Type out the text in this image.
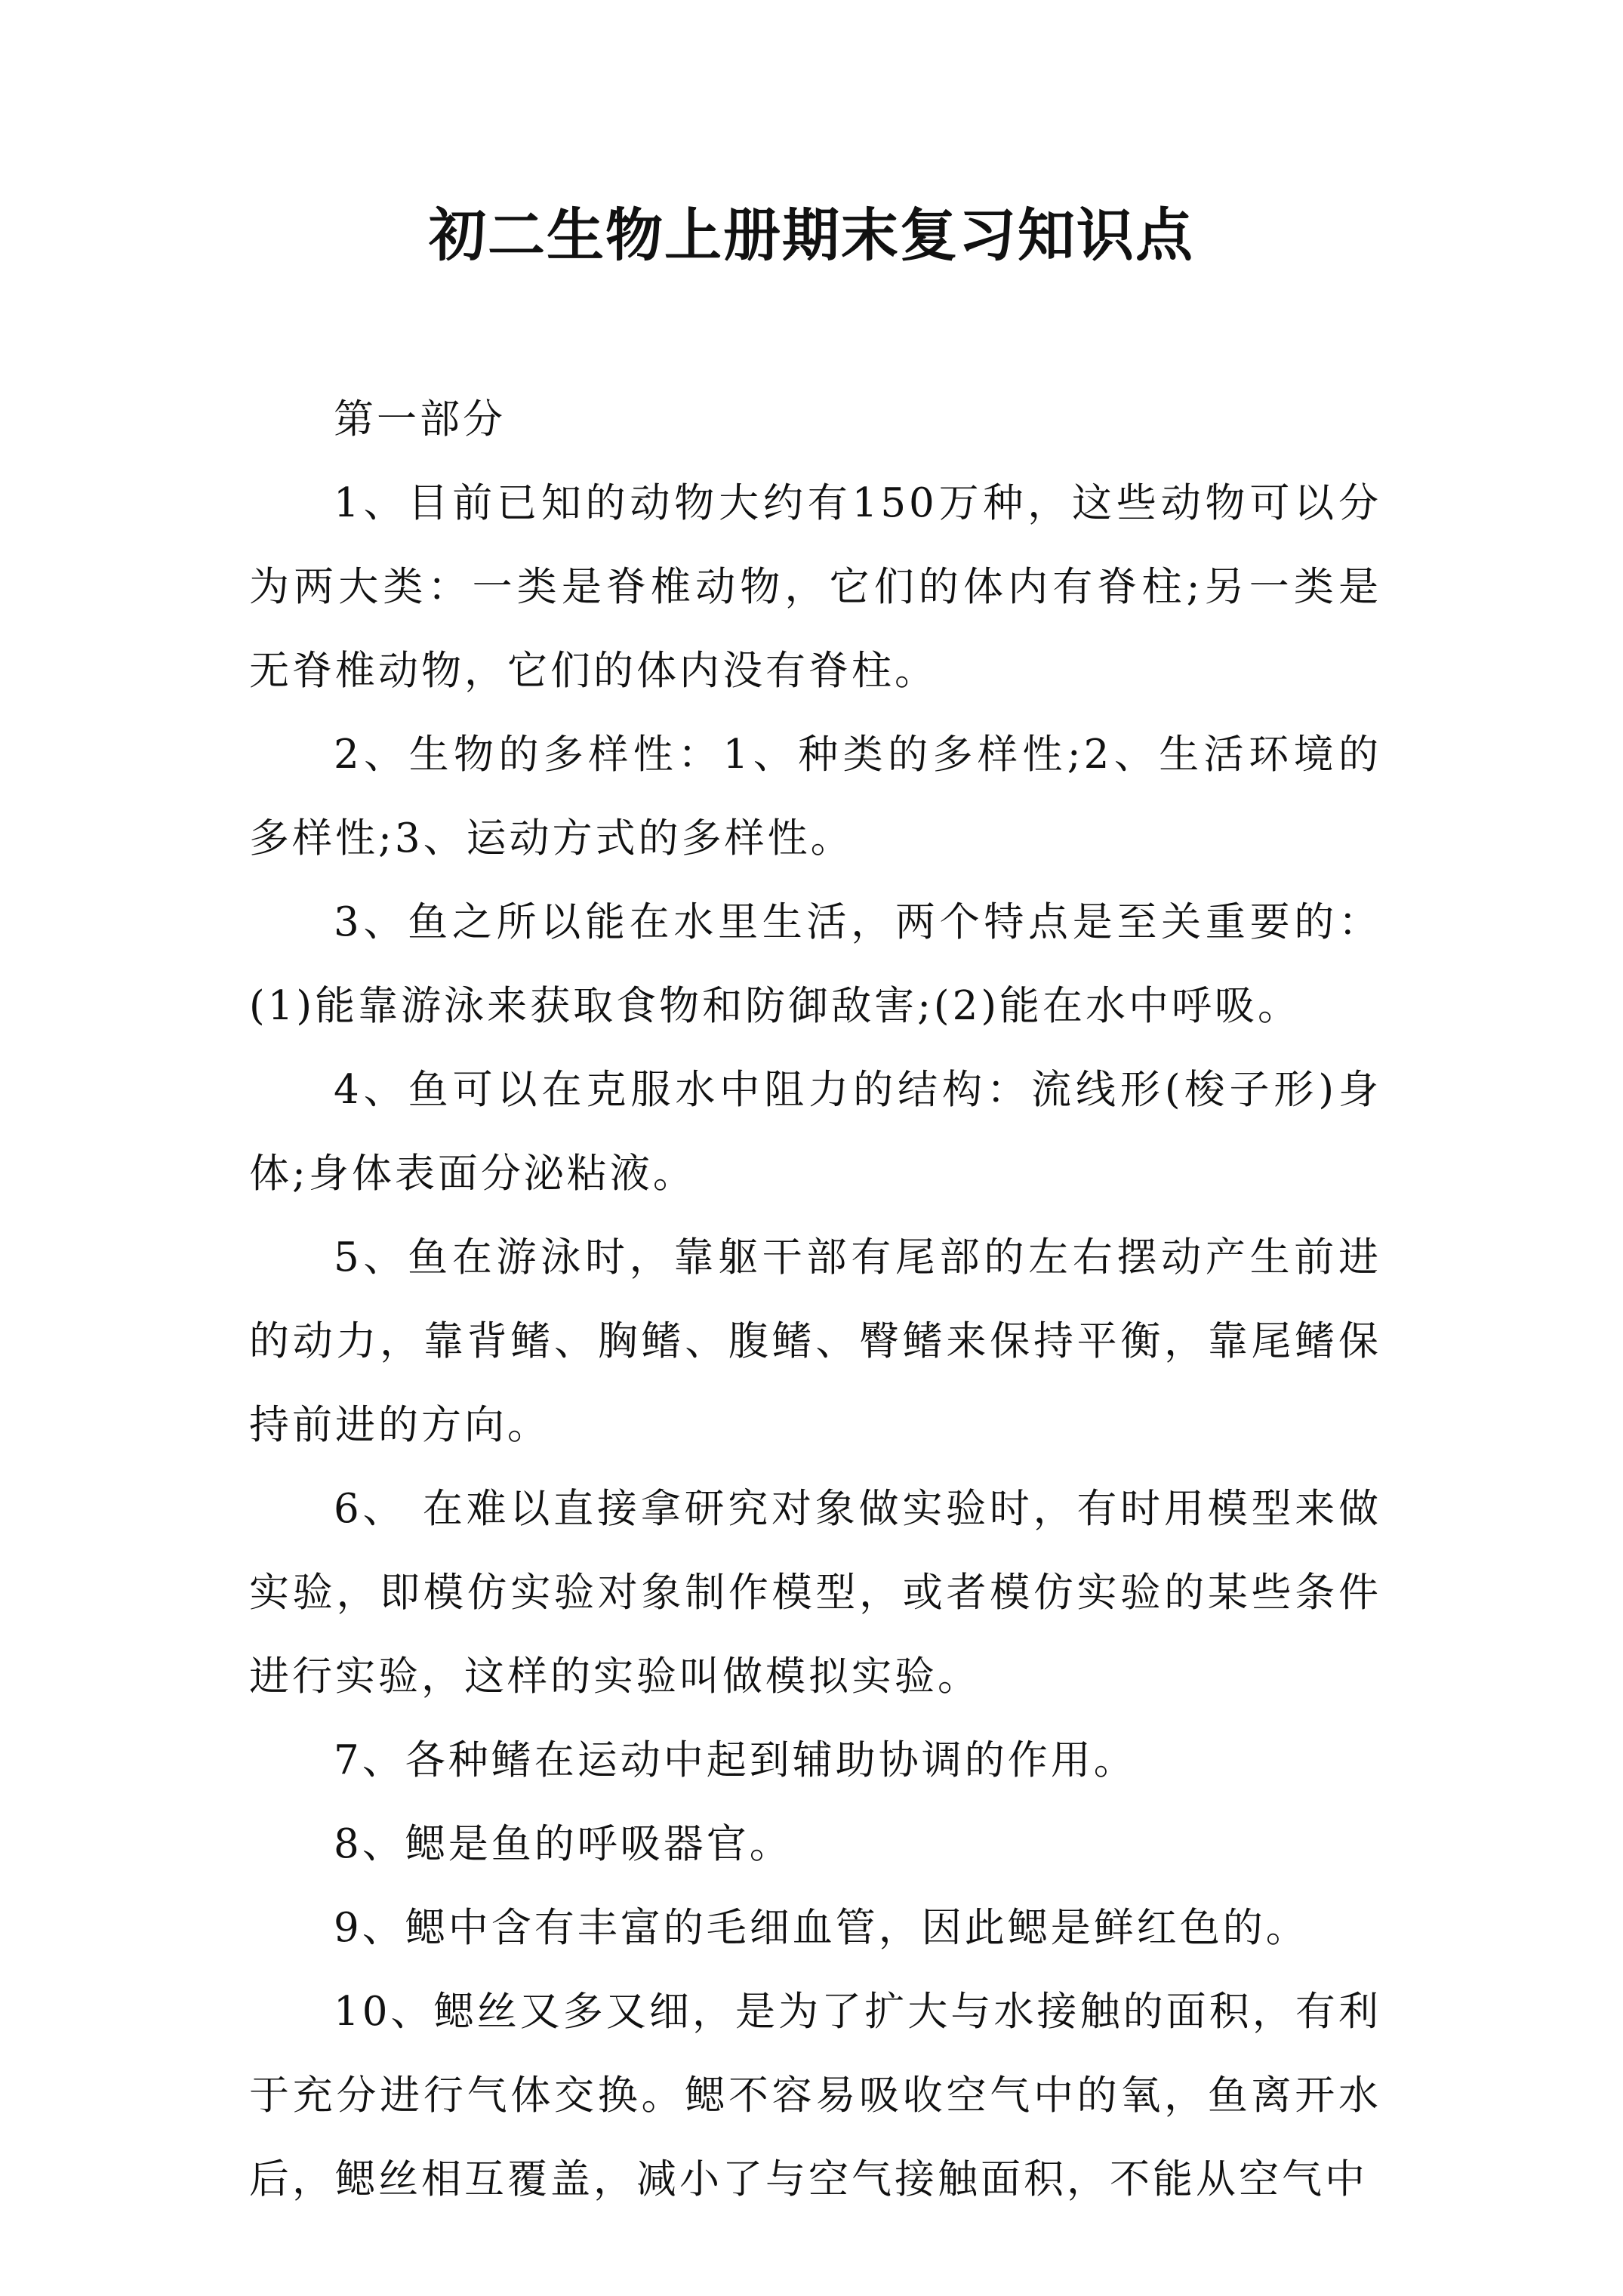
初二生物上册期末复习知识点

第一部分

1、目前已知的动物大约有150万种，这些动物可以分为两大类：一类是脊椎动物，它们的体内有脊柱;另一类是无脊椎动物，它们的体内没有脊柱。

2、生物的多样性：1、种类的多样性;2、生活环境的多样性;3、运动方式的多样性。

3、鱼之所以能在水里生活，两个特点是至关重要的：(1)能靠游泳来获取食物和防御敌害;(2)能在水中呼吸。

4、鱼可以在克服水中阻力的结构：流线形(梭子形)身体;身体表面分泌粘液。

5、鱼在游泳时，靠躯干部有尾部的左右摆动产生前进的动力，靠背鳍、胸鳍、腹鳍、臀鳍来保持平衡，靠尾鳍保持前进的方向。

6、 在难以直接拿研究对象做实验时，有时用模型来做实验，即模仿实验对象制作模型，或者模仿实验的某些条件进行实验，这样的实验叫做模拟实验。

7、各种鳍在运动中起到辅助协调的作用。

8、鳃是鱼的呼吸器官。

9、鳃中含有丰富的毛细血管，因此鳃是鲜红色的。

10、鳃丝又多又细，是为了扩大与水接触的面积，有利于充分进行气体交换。鳃不容易吸收空气中的氧，鱼离开水后，鳃丝相互覆盖，减小了与空气接触面积，不能从空气中
